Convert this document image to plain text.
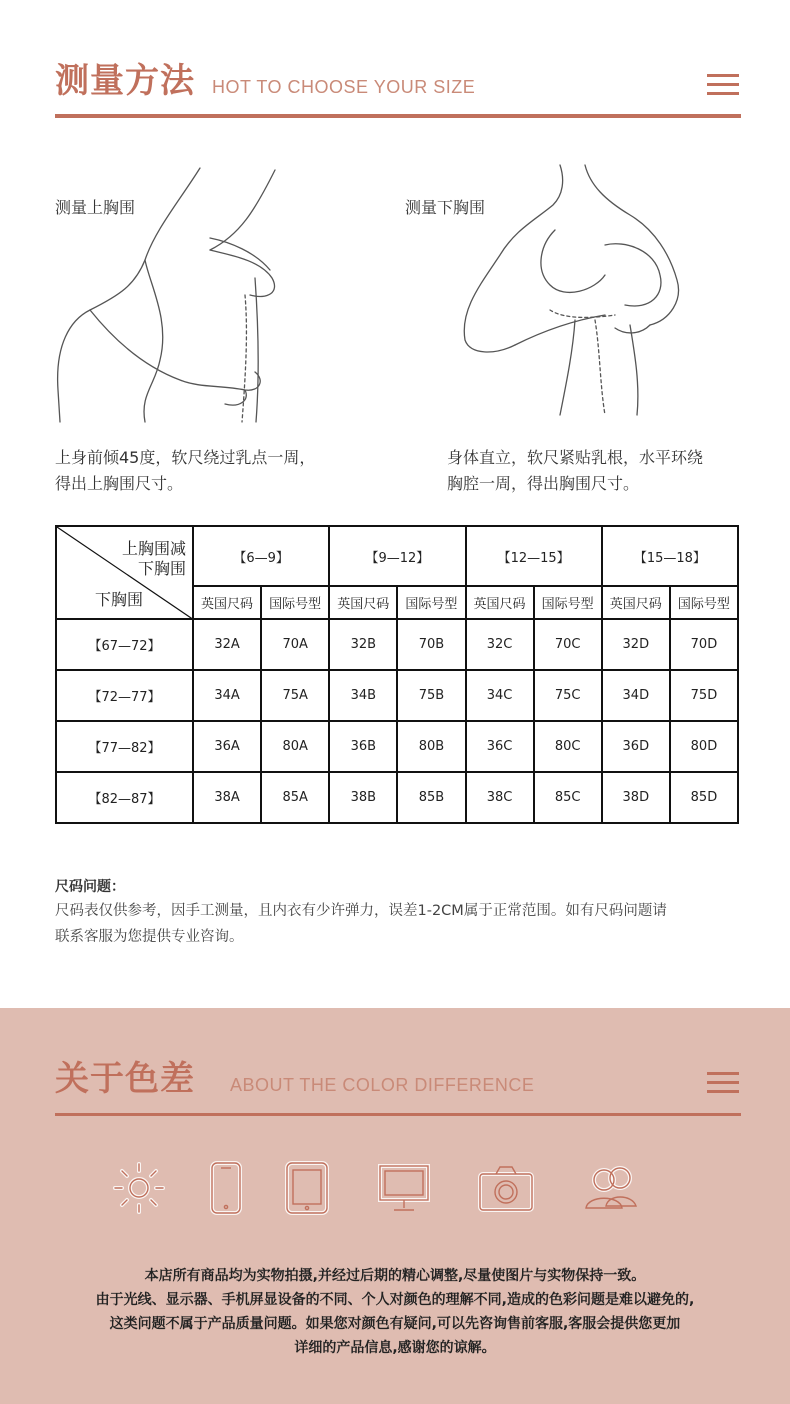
测量方法 HOT TO CHOOSE YOUR SIZE
测量上胸围
上身前倾45度，软尺绕过乳点一周，
得出上胸围尺寸。
测量下胸围
身体直立，软尺紧贴乳根，水平环绕
胸腔一周，得出胸围尺寸。
上胸围减
下胸围
下胸围	【6—9】		【9—12】		【12—15】		【15—18】	
	英国尺码	国际号型	英国尺码	国际号型	英国尺码	国际号型	英国尺码	国际号型
【67—72】	32A	70A	32B	70B	32C	70C	32D	70D
【72—77】	34A	75A	34B	75B	34C	75C	34D	75D
【77—82】	36A	80A	36B	80B	36C	80C	36D	80D
【82—87】	38A	85A	38B	85B	38C	85C	38D	85D
尺码问题：
尺码表仅供参考，因手工测量，且内衣有少许弹力，误差1-2CM属于正常范围。如有尺码问题请
联系客服为您提供专业咨询。
关于色差 ABOUT THE COLOR DIFFERENCE
本店所有商品均为实物拍摄,并经过后期的精心调整,尽量使图片与实物保持一致。
由于光线、显示器、手机屏显设备的不同、个人对颜色的理解不同,造成的色彩问题是难以避免的,
这类问题不属于产品质量问题。如果您对颜色有疑问,可以先咨询售前客服,客服会提供您更加
详细的产品信息,感谢您的谅解。
